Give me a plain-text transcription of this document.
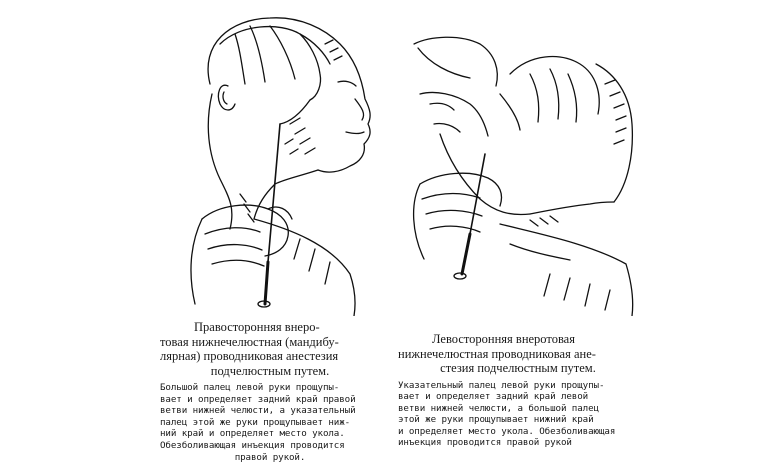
Правосторонняя внеро-
товая нижнечелюстная (мандибу-
лярная) проводниковая анестезия
подчелюстным путем.

Большой палец левой руки прощупы-
вает и определяет задний край правой
ветви нижней челюсти, а указательный
палец этой же руки прощупывает ниж-
ний край и определяет место укола.
Обезболивающая инъекция проводится
правой рукой.

Левосторонняя внеротовая
нижнечелюстная проводниковая ане-
стезия подчелюстным путем.

Указательный палец левой руки прощупы-
вает и определяет задний край левой
ветви нижней челюсти, а большой палец
этой же руки прощупывает нижний край
и определяет место укола. Обезболивающая
инъекция проводится правой рукой
